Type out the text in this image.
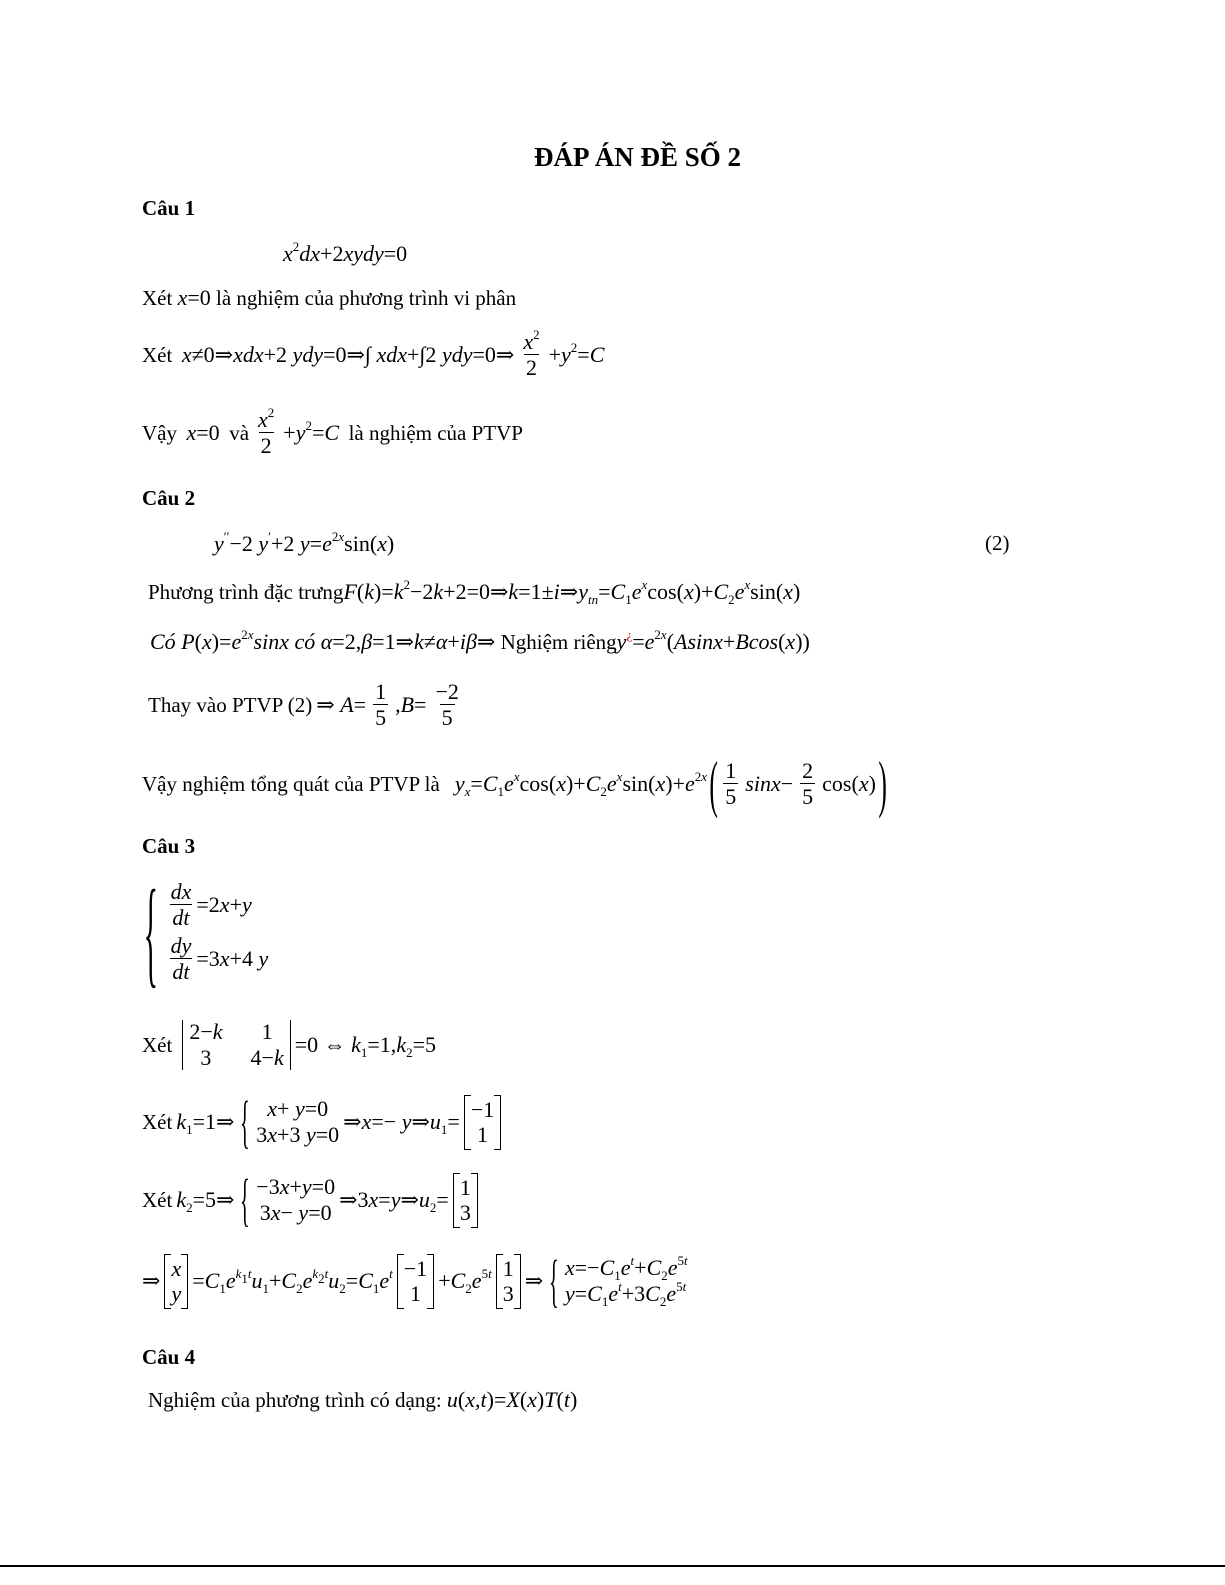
ĐÁP ÁN ĐỀ SỐ 2
Câu 1
$x^2dx+2xydy=0$
Xét x=0 là nghiệm của phương trình vi phân
Xét x≠0⇒xdx+2 ydy=0⇒∫ xdx+∫2 ydy=0⇒ $\frac{x^2}{2} +y^2=C$
Vậy x=0 và $\frac{x^2}{2} +y^2=C$ là nghiệm của PTVP
Câu 2
y′′−2 y′+2 $y=e^{2x}\sin(x)$	(2)
Phương trình đặc $trưngF(k)=k^2-2k+2=0\Rightarrow k=1\pm i\Rightarrow y_{tn}=C_1e^x\cos(x)+C_2e^x\sin(x)$
Có $P(x)=e^{2x}\sin x$ có α=2,β=1⇒k≠α+iβ⇒ Nghiệm $riêngy^¿=e^{2x}(Asinx+Bcos(x))$
Thay vào PTVP (2) ⇒ $A= \frac{1}{5} ,B= \frac{-2}{5}$
Vậy nghiệm tổng quát của PTVP là $y_x=C_1e^x\cos(x)+C_2e^x\sin(x)+e^{2x}$ ( $\frac{1}{5} \sin x- \frac{2}{5} \cos(x)$ )
Câu 3
{ $\frac{dx}{dt} =2$ x + y
$\frac{dy}{dt} =3$ x +4 y
Xét
2−k	1
3	4−k
=0 ⇔ $k_1=1,k_2=5$
Xét $k_1=1\Rightarrow$ { x+ y=0
3x+3 y=0
⇒x=− $y\Rightarrow u_1= -1$
1
Xét $k_2=5\Rightarrow$ { −3x+y=0
3x− y=0
$\Rightarrow 3x=y\Rightarrow u_2= 1$
3
⇒ x
y
$=C_1e^{k_1t}u_1+C_2e^{k_2t}u_2=C_1e^t -1$
1
$+C_2e^{5t}$ 1
3
⇒ { $x=-C_1e^t+C_2e^{5t}$
$y=C_1e^t+3C_2e^{5t}$
Câu 4
Nghiệm của phương trình có dạng: u(x,t)=X(x)T(t)
